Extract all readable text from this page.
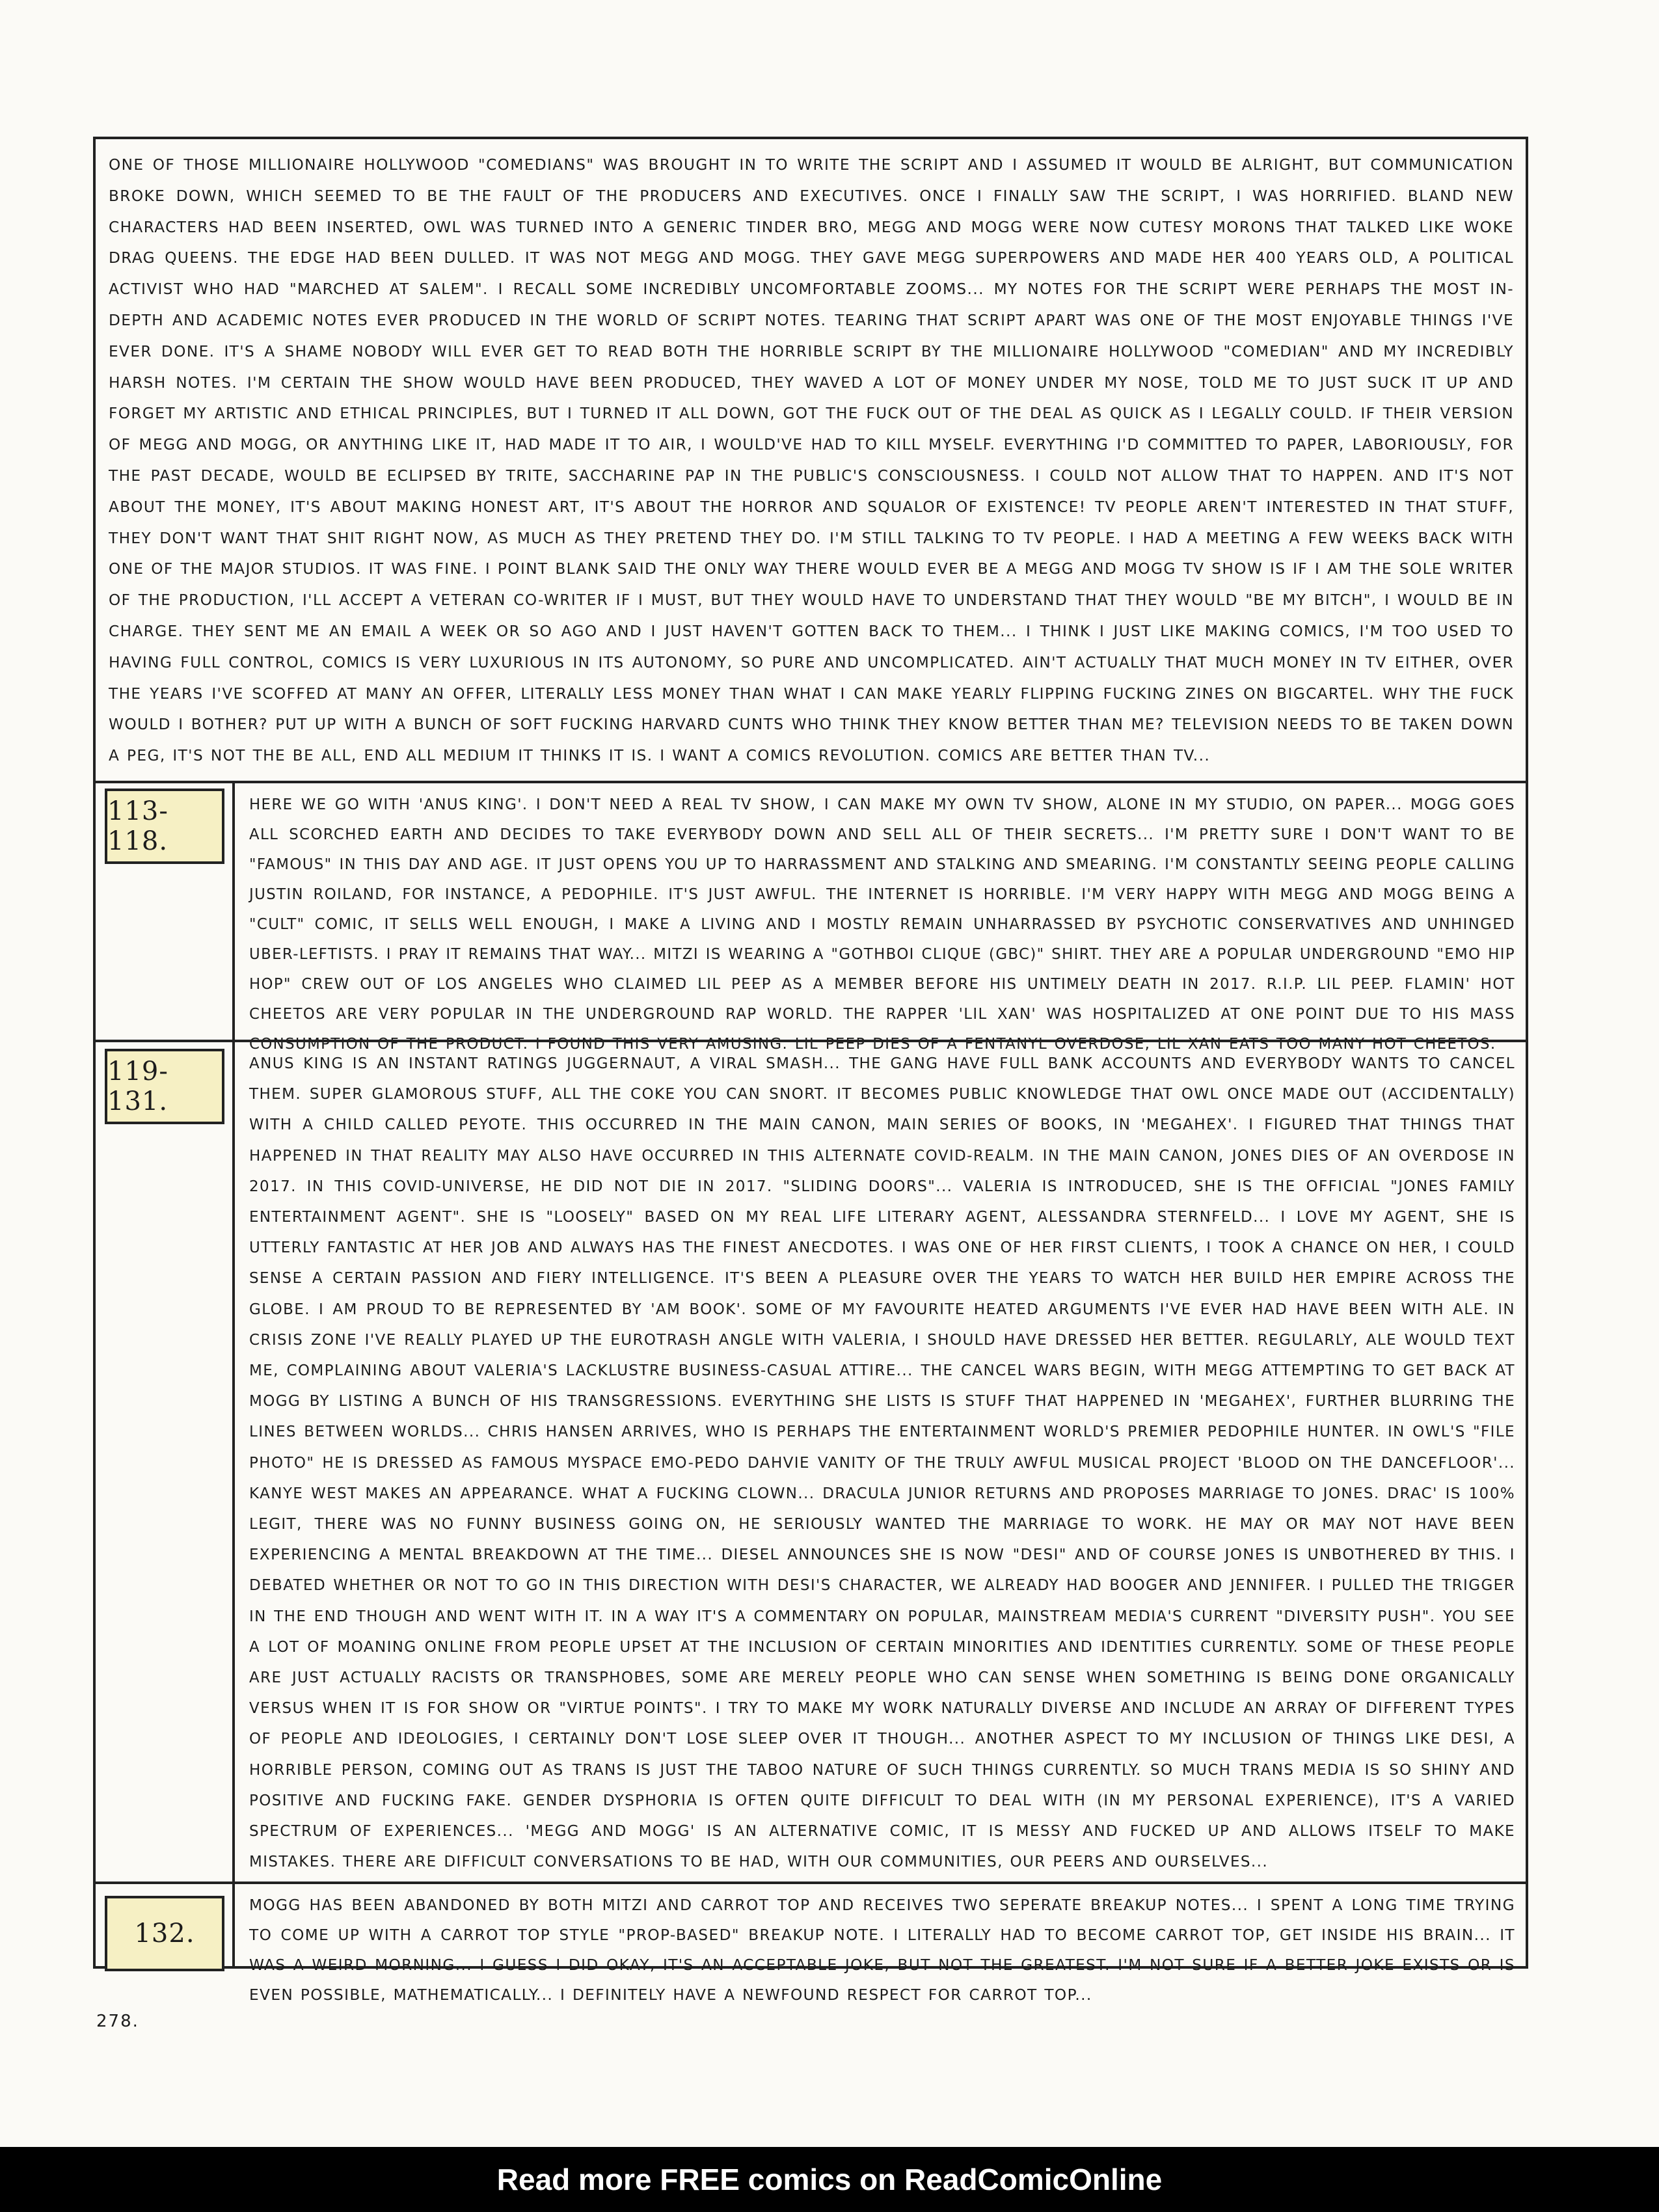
ONE OF THOSE MILLIONAIRE HOLLYWOOD "COMEDIANS" WAS BROUGHT IN TO WRITE THE SCRIPT AND I ASSUMED IT WOULD BE ALRIGHT, BUT COMMUNICATION BROKE DOWN, WHICH SEEMED TO BE THE FAULT OF THE PRODUCERS AND EXECUTIVES. ONCE I FINALLY SAW THE SCRIPT, I WAS HORRIFIED. BLAND NEW CHARACTERS HAD BEEN INSERTED, OWL WAS TURNED INTO A GENERIC TINDER BRO, MEGG AND MOGG WERE NOW CUTESY MORONS THAT TALKED LIKE WOKE DRAG QUEENS. THE EDGE HAD BEEN DULLED. IT WAS NOT MEGG AND MOGG. THEY GAVE MEGG SUPERPOWERS AND MADE HER 400 YEARS OLD, A POLITICAL ACTIVIST WHO HAD "MARCHED AT SALEM". I RECALL SOME INCREDIBLY UNCOMFORTABLE ZOOMS... MY NOTES FOR THE SCRIPT WERE PERHAPS THE MOST IN-DEPTH AND ACADEMIC NOTES EVER PRODUCED IN THE WORLD OF SCRIPT NOTES. TEARING THAT SCRIPT APART WAS ONE OF THE MOST ENJOYABLE THINGS I'VE EVER DONE. IT'S A SHAME NOBODY WILL EVER GET TO READ BOTH THE HORRIBLE SCRIPT BY THE MILLIONAIRE HOLLYWOOD "COMEDIAN" AND MY INCREDIBLY HARSH NOTES. I'M CERTAIN THE SHOW WOULD HAVE BEEN PRODUCED, THEY WAVED A LOT OF MONEY UNDER MY NOSE, TOLD ME TO JUST SUCK IT UP AND FORGET MY ARTISTIC AND ETHICAL PRINCIPLES, BUT I TURNED IT ALL DOWN, GOT THE FUCK OUT OF THE DEAL AS QUICK AS I LEGALLY COULD. IF THEIR VERSION OF MEGG AND MOGG, OR ANYTHING LIKE IT, HAD MADE IT TO AIR, I WOULD'VE HAD TO KILL MYSELF. EVERYTHING I'D COMMITTED TO PAPER, LABORIOUSLY, FOR THE PAST DECADE, WOULD BE ECLIPSED BY TRITE, SACCHARINE PAP IN THE PUBLIC'S CONSCIOUSNESS. I COULD NOT ALLOW THAT TO HAPPEN. AND IT'S NOT ABOUT THE MONEY, IT'S ABOUT MAKING HONEST ART, IT'S ABOUT THE HORROR AND SQUALOR OF EXISTENCE! TV PEOPLE AREN'T INTERESTED IN THAT STUFF, THEY DON'T WANT THAT SHIT RIGHT NOW, AS MUCH AS THEY PRETEND THEY DO. I'M STILL TALKING TO TV PEOPLE. I HAD A MEETING A FEW WEEKS BACK WITH ONE OF THE MAJOR STUDIOS. IT WAS FINE. I POINT BLANK SAID THE ONLY WAY THERE WOULD EVER BE A MEGG AND MOGG TV SHOW IS IF I AM THE SOLE WRITER OF THE PRODUCTION, I'LL ACCEPT A VETERAN CO-WRITER IF I MUST, BUT THEY WOULD HAVE TO UNDERSTAND THAT THEY WOULD "BE MY BITCH", I WOULD BE IN CHARGE. THEY SENT ME AN EMAIL A WEEK OR SO AGO AND I JUST HAVEN'T GOTTEN BACK TO THEM... I THINK I JUST LIKE MAKING COMICS, I'M TOO USED TO HAVING FULL CONTROL, COMICS IS VERY LUXURIOUS IN ITS AUTONOMY, SO PURE AND UNCOMPLICATED. AIN'T ACTUALLY THAT MUCH MONEY IN TV EITHER, OVER THE YEARS I'VE SCOFFED AT MANY AN OFFER, LITERALLY LESS MONEY THAN WHAT I CAN MAKE YEARLY FLIPPING FUCKING ZINES ON BIGCARTEL. WHY THE FUCK WOULD I BOTHER? PUT UP WITH A BUNCH OF SOFT FUCKING HARVARD CUNTS WHO THINK THEY KNOW BETTER THAN ME? TELEVISION NEEDS TO BE TAKEN DOWN A PEG, IT'S NOT THE BE ALL, END ALL MEDIUM IT THINKS IT IS. I WANT A COMICS REVOLUTION. COMICS ARE BETTER THAN TV...

113-118.

HERE WE GO WITH 'ANUS KING'. I DON'T NEED A REAL TV SHOW, I CAN MAKE MY OWN TV SHOW, ALONE IN MY STUDIO, ON PAPER... MOGG GOES ALL SCORCHED EARTH AND DECIDES TO TAKE EVERYBODY DOWN AND SELL ALL OF THEIR SECRETS... I'M PRETTY SURE I DON'T WANT TO BE "FAMOUS" IN THIS DAY AND AGE. IT JUST OPENS YOU UP TO HARRASSMENT AND STALKING AND SMEARING. I'M CONSTANTLY SEEING PEOPLE CALLING JUSTIN ROILAND, FOR INSTANCE, A PEDOPHILE. IT'S JUST AWFUL. THE INTERNET IS HORRIBLE. I'M VERY HAPPY WITH MEGG AND MOGG BEING A "CULT" COMIC, IT SELLS WELL ENOUGH, I MAKE A LIVING AND I MOSTLY REMAIN UNHARRASSED BY PSYCHOTIC CONSERVATIVES AND UNHINGED UBER-LEFTISTS. I PRAY IT REMAINS THAT WAY... MITZI IS WEARING A "GOTHBOI CLIQUE (GBC)" SHIRT. THEY ARE A POPULAR UNDERGROUND "EMO HIP HOP" CREW OUT OF LOS ANGELES WHO CLAIMED LIL PEEP AS A MEMBER BEFORE HIS UNTIMELY DEATH IN 2017. R.I.P. LIL PEEP. FLAMIN' HOT CHEETOS ARE VERY POPULAR IN THE UNDERGROUND RAP WORLD. THE RAPPER 'LIL XAN' WAS HOSPITALIZED AT ONE POINT DUE TO HIS MASS CONSUMPTION OF THE PRODUCT. I FOUND THIS VERY AMUSING. LIL PEEP DIES OF A FENTANYL OVERDOSE, LIL XAN EATS TOO MANY HOT CHEETOS.

119-131.

ANUS KING IS AN INSTANT RATINGS JUGGERNAUT, A VIRAL SMASH... THE GANG HAVE FULL BANK ACCOUNTS AND EVERYBODY WANTS TO CANCEL THEM. SUPER GLAMOROUS STUFF, ALL THE COKE YOU CAN SNORT. IT BECOMES PUBLIC KNOWLEDGE THAT OWL ONCE MADE OUT (ACCIDENTALLY) WITH A CHILD CALLED PEYOTE. THIS OCCURRED IN THE MAIN CANON, MAIN SERIES OF BOOKS, IN 'MEGAHEX'. I FIGURED THAT THINGS THAT HAPPENED IN THAT REALITY MAY ALSO HAVE OCCURRED IN THIS ALTERNATE COVID-REALM. IN THE MAIN CANON, JONES DIES OF AN OVERDOSE IN 2017. IN THIS COVID-UNIVERSE, HE DID NOT DIE IN 2017. "SLIDING DOORS"... VALERIA IS INTRODUCED, SHE IS THE OFFICIAL "JONES FAMILY ENTERTAINMENT AGENT". SHE IS "LOOSELY" BASED ON MY REAL LIFE LITERARY AGENT, ALESSANDRA STERNFELD... I LOVE MY AGENT, SHE IS UTTERLY FANTASTIC AT HER JOB AND ALWAYS HAS THE FINEST ANECDOTES. I WAS ONE OF HER FIRST CLIENTS, I TOOK A CHANCE ON HER, I COULD SENSE A CERTAIN PASSION AND FIERY INTELLIGENCE. IT'S BEEN A PLEASURE OVER THE YEARS TO WATCH HER BUILD HER EMPIRE ACROSS THE GLOBE. I AM PROUD TO BE REPRESENTED BY 'AM BOOK'. SOME OF MY FAVOURITE HEATED ARGUMENTS I'VE EVER HAD HAVE BEEN WITH ALE. IN CRISIS ZONE I'VE REALLY PLAYED UP THE EUROTRASH ANGLE WITH VALERIA, I SHOULD HAVE DRESSED HER BETTER. REGULARLY, ALE WOULD TEXT ME, COMPLAINING ABOUT VALERIA'S LACKLUSTRE BUSINESS-CASUAL ATTIRE... THE CANCEL WARS BEGIN, WITH MEGG ATTEMPTING TO GET BACK AT MOGG BY LISTING A BUNCH OF HIS TRANSGRESSIONS. EVERYTHING SHE LISTS IS STUFF THAT HAPPENED IN 'MEGAHEX', FURTHER BLURRING THE LINES BETWEEN WORLDS... CHRIS HANSEN ARRIVES, WHO IS PERHAPS THE ENTERTAINMENT WORLD'S PREMIER PEDOPHILE HUNTER. IN OWL'S "FILE PHOTO" HE IS DRESSED AS FAMOUS MYSPACE EMO-PEDO DAHVIE VANITY OF THE TRULY AWFUL MUSICAL PROJECT 'BLOOD ON THE DANCEFLOOR'... KANYE WEST MAKES AN APPEARANCE. WHAT A FUCKING CLOWN... DRACULA JUNIOR RETURNS AND PROPOSES MARRIAGE TO JONES. DRAC' IS 100% LEGIT, THERE WAS NO FUNNY BUSINESS GOING ON, HE SERIOUSLY WANTED THE MARRIAGE TO WORK. HE MAY OR MAY NOT HAVE BEEN EXPERIENCING A MENTAL BREAKDOWN AT THE TIME... DIESEL ANNOUNCES SHE IS NOW "DESI" AND OF COURSE JONES IS UNBOTHERED BY THIS. I DEBATED WHETHER OR NOT TO GO IN THIS DIRECTION WITH DESI'S CHARACTER, WE ALREADY HAD BOOGER AND JENNIFER. I PULLED THE TRIGGER IN THE END THOUGH AND WENT WITH IT. IN A WAY IT'S A COMMENTARY ON POPULAR, MAINSTREAM MEDIA'S CURRENT "DIVERSITY PUSH". YOU SEE A LOT OF MOANING ONLINE FROM PEOPLE UPSET AT THE INCLUSION OF CERTAIN MINORITIES AND IDENTITIES CURRENTLY. SOME OF THESE PEOPLE ARE JUST ACTUALLY RACISTS OR TRANSPHOBES, SOME ARE MERELY PEOPLE WHO CAN SENSE WHEN SOMETHING IS BEING DONE ORGANICALLY VERSUS WHEN IT IS FOR SHOW OR "VIRTUE POINTS". I TRY TO MAKE MY WORK NATURALLY DIVERSE AND INCLUDE AN ARRAY OF DIFFERENT TYPES OF PEOPLE AND IDEOLOGIES, I CERTAINLY DON'T LOSE SLEEP OVER IT THOUGH... ANOTHER ASPECT TO MY INCLUSION OF THINGS LIKE DESI, A HORRIBLE PERSON, COMING OUT AS TRANS IS JUST THE TABOO NATURE OF SUCH THINGS CURRENTLY. SO MUCH TRANS MEDIA IS SO SHINY AND POSITIVE AND FUCKING FAKE. GENDER DYSPHORIA IS OFTEN QUITE DIFFICULT TO DEAL WITH (IN MY PERSONAL EXPERIENCE), IT'S A VARIED SPECTRUM OF EXPERIENCES... 'MEGG AND MOGG' IS AN ALTERNATIVE COMIC, IT IS MESSY AND FUCKED UP AND ALLOWS ITSELF TO MAKE MISTAKES. THERE ARE DIFFICULT CONVERSATIONS TO BE HAD, WITH OUR COMMUNITIES, OUR PEERS AND OURSELVES...

132.

MOGG HAS BEEN ABANDONED BY BOTH MITZI AND CARROT TOP AND RECEIVES TWO SEPERATE BREAKUP NOTES... I SPENT A LONG TIME TRYING TO COME UP WITH A CARROT TOP STYLE "PROP-BASED" BREAKUP NOTE. I LITERALLY HAD TO BECOME CARROT TOP, GET INSIDE HIS BRAIN... IT WAS A WEIRD MORNING... I GUESS I DID OKAY, IT'S AN ACCEPTABLE JOKE, BUT NOT THE GREATEST. I'M NOT SURE IF A BETTER JOKE EXISTS OR IS EVEN POSSIBLE, MATHEMATICALLY... I DEFINITELY HAVE A NEWFOUND RESPECT FOR CARROT TOP...

278.
Read more FREE comics on ReadComicOnline
